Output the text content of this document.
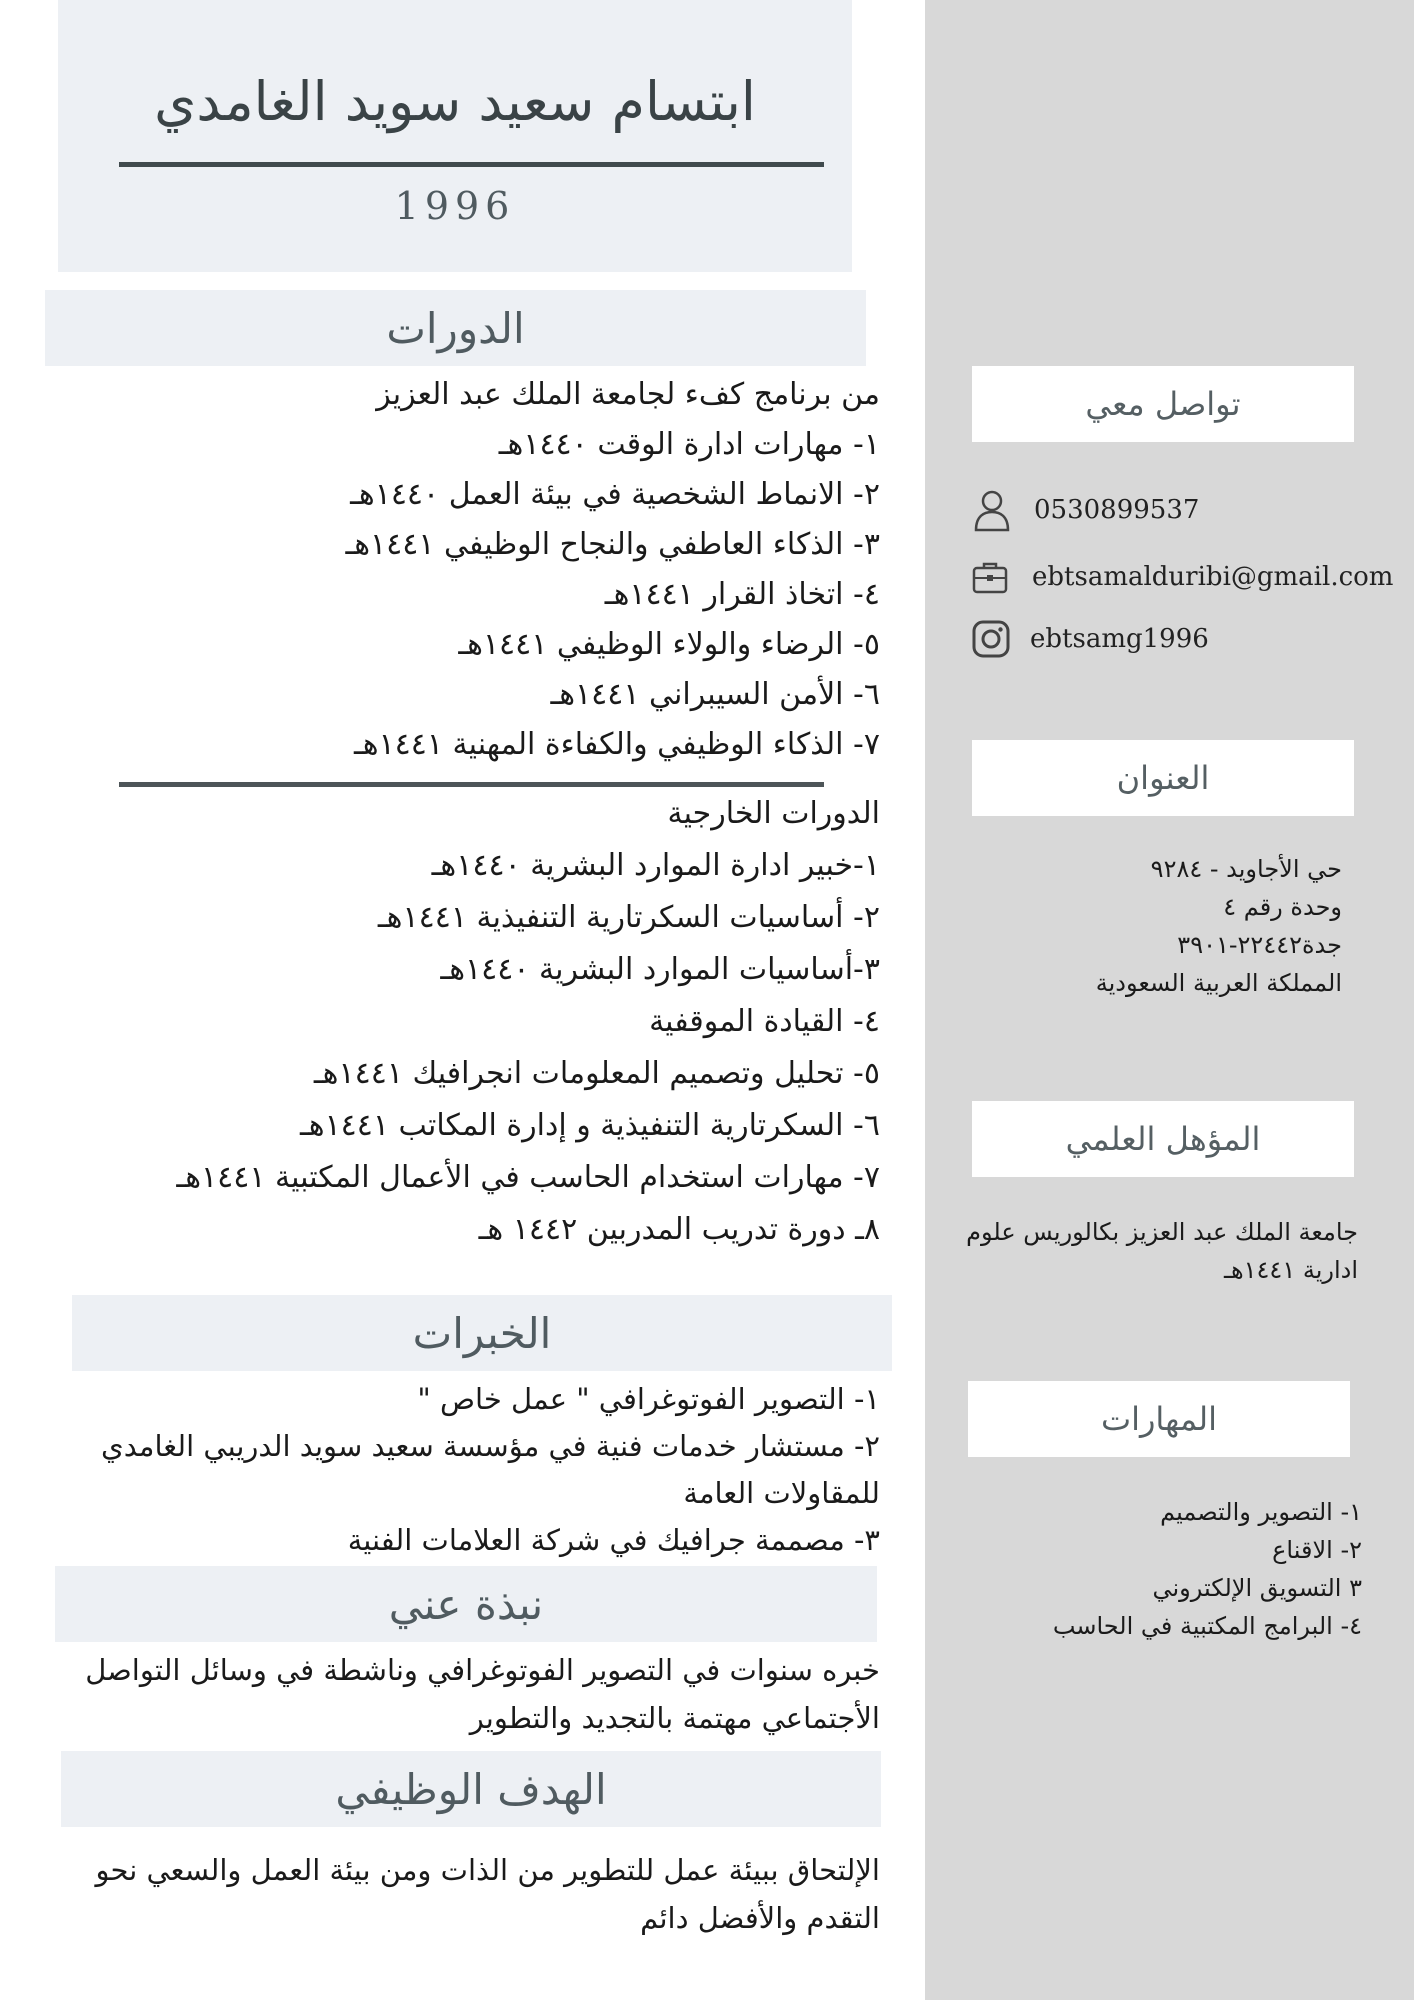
ابتسام سعيد سويد الغامدي
1996
الدورات
من برنامج كفء لجامعة الملك عبد العزيز
١- مهارات ادارة الوقت ١٤٤٠هـ
٢- الانماط الشخصية في بيئة العمل ١٤٤٠هـ
٣- الذكاء العاطفي والنجاح الوظيفي ١٤٤١هـ
٤- اتخاذ القرار ١٤٤١هـ
٥- الرضاء والولاء الوظيفي ١٤٤١هـ
٦- الأمن السيبراني ١٤٤١هـ
٧- الذكاء الوظيفي والكفاءة المهنية ١٤٤١هـ
الدورات الخارجية
١-خبير ادارة الموارد البشرية ١٤٤٠هـ
٢- أساسيات السكرتارية التنفيذية ١٤٤١هـ
٣-أساسيات الموارد البشرية ١٤٤٠هـ
٤- القيادة الموقفية
٥- تحليل وتصميم المعلومات انجرافيك ١٤٤١هـ
٦- السكرتارية التنفيذية و إدارة المكاتب ١٤٤١هـ
٧- مهارات استخدام الحاسب في الأعمال المكتبية ١٤٤١هـ
٨ـ دورة تدريب المدربين ١٤٤٢ هـ
الخبرات
١- التصوير الفوتوغرافي " عمل خاص "
٢- مستشار خدمات فنية في مؤسسة سعيد سويد الدريبي الغامدي
للمقاولات العامة
٣- مصممة جرافيك في شركة العلامات الفنية
نبذة عني
خبره سنوات في التصوير الفوتوغرافي وناشطة في وسائل التواصل
الأجتماعي مهتمة بالتجديد والتطوير
الهدف الوظيفي
الإلتحاق ببيئة عمل للتطوير من الذات ومن بيئة العمل والسعي نحو
التقدم والأفضل دائم
تواصل معي
0530899537
ebtsamalduribi@gmail.com
ebtsamg1996
العنوان
حي الأجاويد - ٩٢٨٤
وحدة رقم ٤
جدة٢٢٤٤٢-٣٩٠١
المملكة العربية السعودية
المؤهل العلمي
جامعة الملك عبد العزيز بكالوريس علوم
ادارية ١٤٤١هـ
المهارات
١- التصوير والتصميم
٢- الاقناع
٣ التسويق الإلكتروني
٤- البرامج المكتبية في الحاسب
